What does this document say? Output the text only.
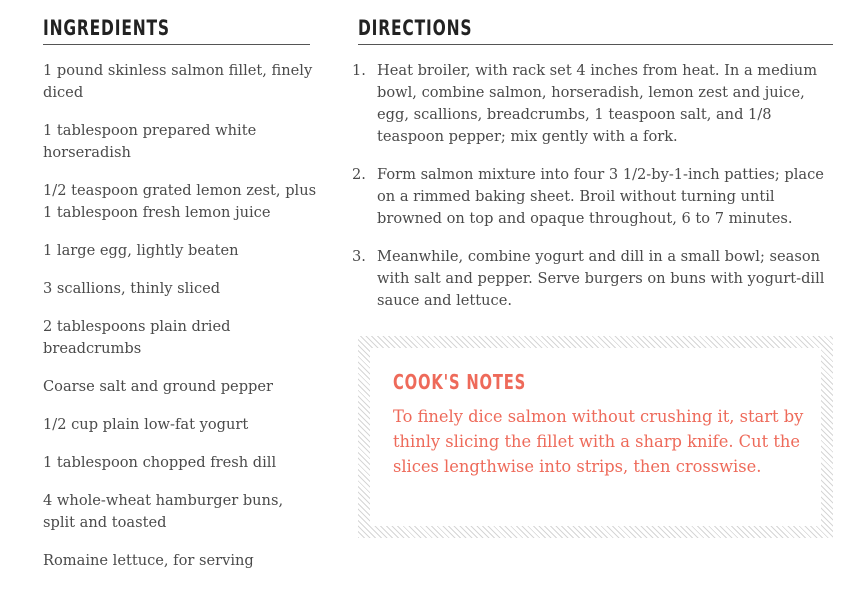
INGREDIENTS
1 pound skinless salmon fillet, finely diced
1 tablespoon prepared white horseradish
1/2 teaspoon grated lemon zest, plus 1 tablespoon fresh lemon juice
1 large egg, lightly beaten
3 scallions, thinly sliced
2 tablespoons plain dried breadcrumbs
Coarse salt and ground pepper
1/2 cup plain low-fat yogurt
1 tablespoon chopped fresh dill
4 whole-wheat hamburger buns, split and toasted
Romaine lettuce, for serving
DIRECTIONS
1. Heat broiler, with rack set 4 inches from heat. In a medium bowl, combine salmon, horseradish, lemon zest and juice, egg, scallions, breadcrumbs, 1 teaspoon salt, and 1/8 teaspoon pepper; mix gently with a fork.
2. Form salmon mixture into four 3 1/2-by-1-inch patties; place on a rimmed baking sheet. Broil without turning until browned on top and opaque throughout, 6 to 7 minutes.
3. Meanwhile, combine yogurt and dill in a small bowl; season with salt and pepper. Serve burgers on buns with yogurt-dill sauce and lettuce.
COOK'S NOTES

To finely dice salmon without crushing it, start by thinly slicing the fillet with a sharp knife. Cut the slices lengthwise into strips, then crosswise.
